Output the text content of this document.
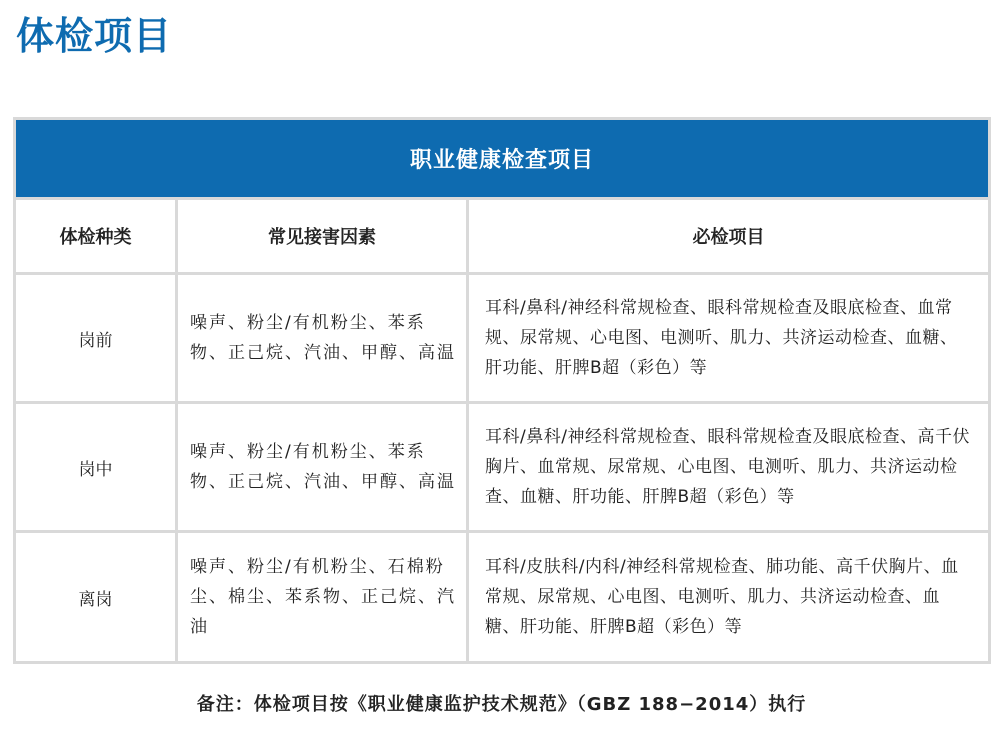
体检项目
职业健康检查项目
体检种类	常见接害因素	必检项目
岗前
噪声、粉尘/有机粉尘、苯系物、正己烷、汽油、甲醇、高温
耳科/鼻科/神经科常规检查、眼科常规检查及眼底检查、血常规、尿常规、心电图、电测听、肌力、共济运动检查、血糖、肝功能、肝脾B超（彩色）等
岗中
噪声、粉尘/有机粉尘、苯系物、正己烷、汽油、甲醇、高温
耳科/鼻科/神经科常规检查、眼科常规检查及眼底检查、高千伏胸片、血常规、尿常规、心电图、电测听、肌力、共济运动检查、血糖、肝功能、肝脾B超（彩色）等
离岗
噪声、粉尘/有机粉尘、石棉粉尘、棉尘、苯系物、正己烷、汽油
耳科/皮肤科/内科/神经科常规检查、肺功能、高千伏胸片、血常规、尿常规、心电图、电测听、肌力、共济运动检查、血糖、肝功能、肝脾B超（彩色）等
备注：体检项目按《职业健康监护技术规范》（GBZ 188−2014）执行
